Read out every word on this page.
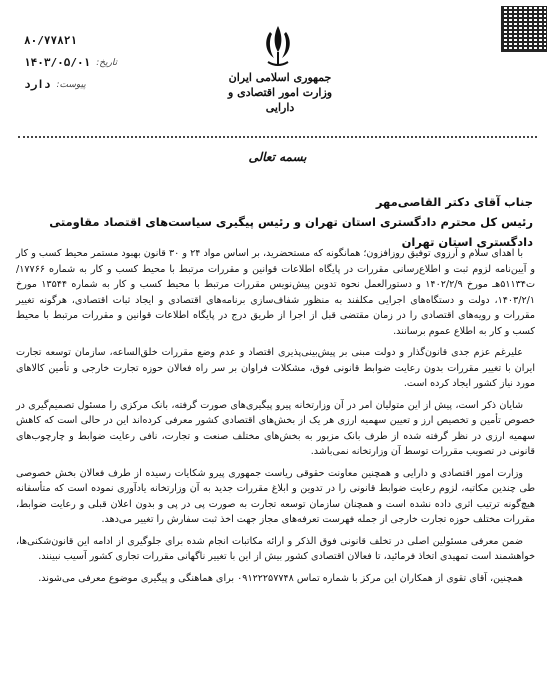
جمهوری اسلامی ایران
وزارت امور اقتصادی و دارایی
۸۰/۷۷۸۲۱
تاریخ:
۱۴۰۳/۰۵/۰۱
پیوست:
دارد
بسمه تعالی
جناب آقای دکتر القاصی‌مهر
رئیس کل محترم دادگستری استان تهران و رئیس پیگیری سیاست‌های اقتصاد مقاومتی دادگستری استان تهران

با اهدای سلام و آرزوی توفیق روزافزون؛ همانگونه که مستحضرید، بر اساس مواد ۲۴ و ۳۰ قانون بهبود مستمر محیط کسب و کار و آیین‌نامه لزوم ثبت و اطلاع‌رسانی مقررات در پایگاه اطلاعات قوانین و مقررات مرتبط با محیط کسب و کار به شماره ۱۷۷۶۶/ت۵۱۱۳۴هـ مورخ ۱۴۰۲/۲/۹ و دستورالعمل نحوه تدوین پیش‌نویس مقررات مرتبط با محیط کسب و کار به شماره ۱۳۵۴۴ مورخ ۱۴۰۳/۲/۱، دولت و دستگاه‌های اجرایی مکلفند به منظور شفاف‌سازی برنامه‌های اقتصادی و ایجاد ثبات اقتصادی، هرگونه تغییر مقررات و رویه‌های اقتصادی را در زمان مقتضی قبل از اجرا از طریق درج در پایگاه اطلاعات قوانین و مقررات مرتبط با محیط کسب و کار به اطلاع عموم برسانند.

علیرغم عزم جدی قانون‌گذار و دولت مبنی بر پیش‌بینی‌پذیری اقتصاد و عدم وضع مقررات خلق‌الساعه، سازمان توسعه تجارت ایران با تغییر مقررات بدون رعایت ضوابط قانونی فوق، مشکلات فراوان بر سر راه فعالان حوزه تجارت خارجی و تأمین کالاهای مورد نیاز کشور ایجاد کرده است.

شایان ذکر است، پیش از این متولیان امر در آن وزارتخانه پیرو پیگیری‌های صورت گرفته، بانک مرکزی را مسئول تصمیم‌گیری در خصوص تأمین و تخصیص ارز و تعیین سهمیه ارزی هر یک از بخش‌های اقتصادی کشور معرفی کرده‌اند این در حالی است که کاهش سهمیه ارزی در نظر گرفته شده از طرف بانک مزبور به بخش‌های مختلف صنعت و تجارت، نافی رعایت ضوابط و چارچوب‌های قانونی در تصویب مقررات توسط آن وزارتخانه نمی‌باشد.

وزارت امور اقتصادی و دارایی و همچنین معاونت حقوقی ریاست جمهوری پیرو شکایات رسیده از طرف فعالان بخش خصوصی طی چندین مکاتبه، لزوم رعایت ضوابط قانونی را در تدوین و ابلاغ مقررات جدید به آن وزارتخانه یادآوری نموده است که متأسفانه هیچ‌گونه ترتیب اثری داده نشده است و همچنان سازمان توسعه تجارت به صورت پی در پی و بدون اعلان قبلی و رعایت ضوابط، مقررات مختلف حوزه تجارت خارجی از جمله فهرست تعرفه‌های مجاز جهت اخذ ثبت سفارش را تغییر می‌دهد.

ضمن معرفی مسئولین اصلی در تخلف قانونی فوق الذکر و ارائه مکاتبات انجام شده برای جلوگیری از ادامه این قانون‌شکنی‌ها، خواهشمند است تمهیدی اتخاذ فرمائید، تا فعالان اقتصادی کشور بیش از این با تغییر ناگهانی مقررات تجاری کشور آسیب نبینند.

همچنین، آقای تقوی از همکاران این مرکز با شماره تماس ۰۹۱۲۲۲۵۷۷۴۸ برای هماهنگی و پیگیری موضوع معرفی می‌شوند.
